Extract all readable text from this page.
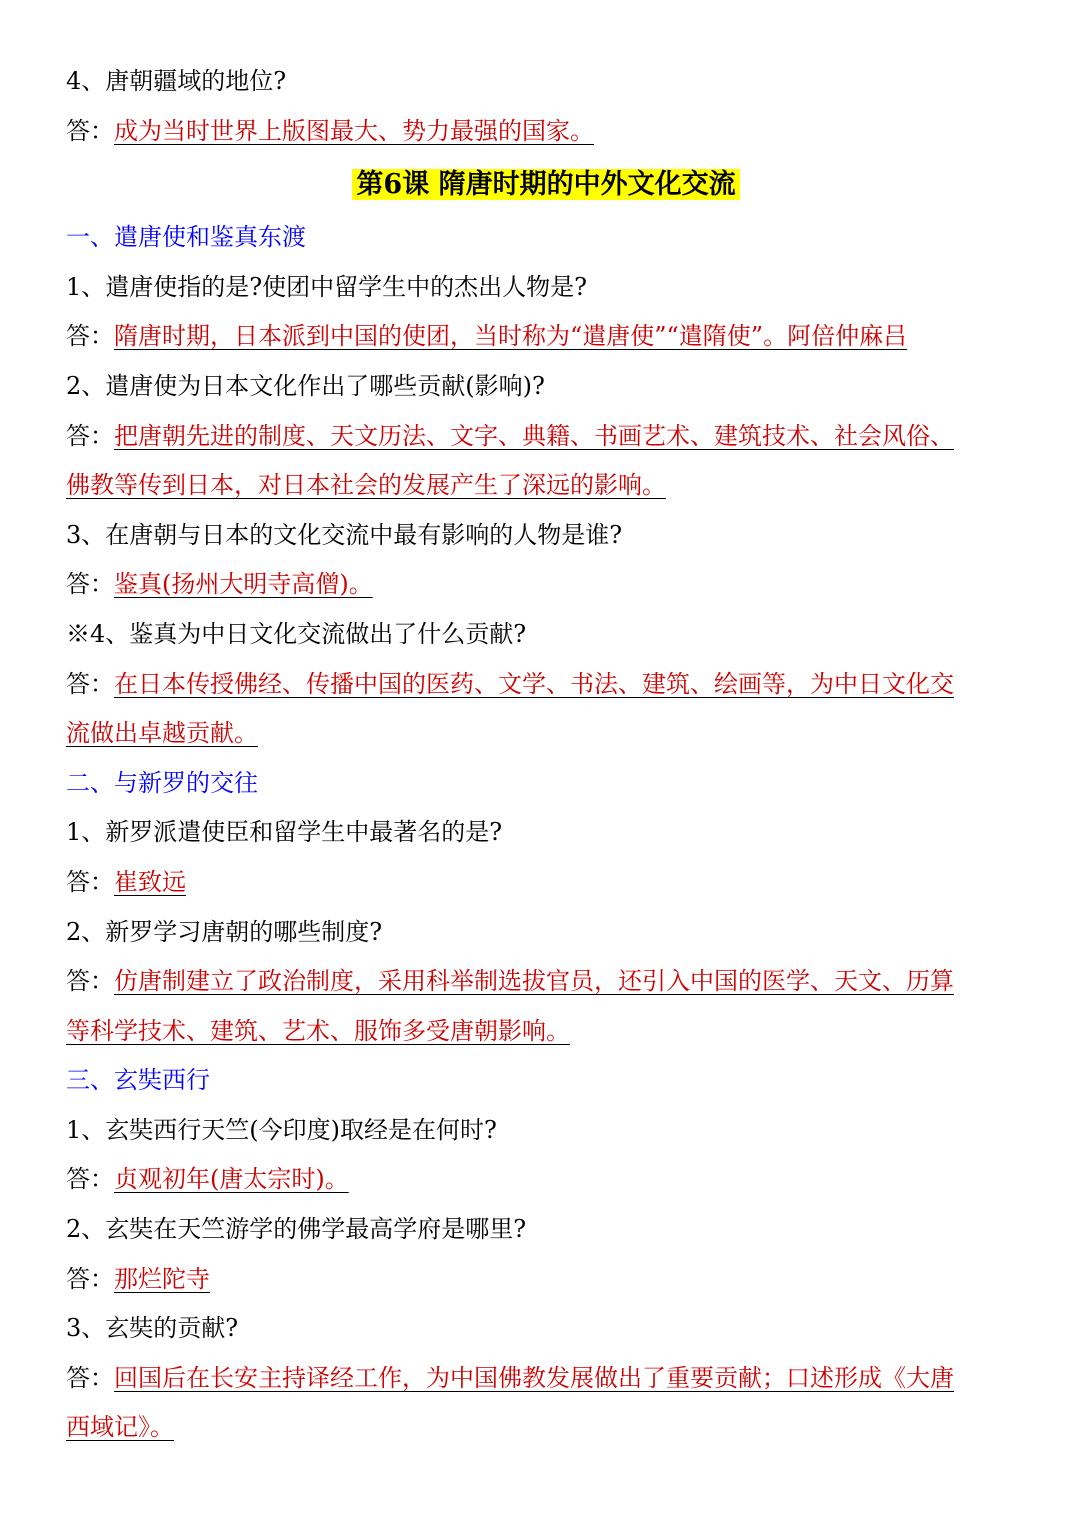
4、唐朝疆域的地位?
答：成为当时世界上版图最大、势力最强的国家。
第6课 隋唐时期的中外文化交流
一、遣唐使和鉴真东渡
1、遣唐使指的是?使团中留学生中的杰出人物是?
答：隋唐时期，日本派到中国的使团，当时称为“遣唐使”“遣隋使”。阿倍仲麻吕
2、遣唐使为日本文化作出了哪些贡献(影响)?
答：把唐朝先进的制度、天文历法、文字、典籍、书画艺术、建筑技术、社会风俗、
佛教等传到日本，对日本社会的发展产生了深远的影响。
3、在唐朝与日本的文化交流中最有影响的人物是谁?
答：鉴真(扬州大明寺高僧)。
※4、鉴真为中日文化交流做出了什么贡献?
答：在日本传授佛经、传播中国的医药、文学、书法、建筑、绘画等，为中日文化交
流做出卓越贡献。
二、与新罗的交往
1、新罗派遣使臣和留学生中最著名的是?
答：崔致远
2、新罗学习唐朝的哪些制度?
答：仿唐制建立了政治制度，采用科举制选拔官员，还引入中国的医学、天文、历算
等科学技术、建筑、艺术、服饰多受唐朝影响。
三、玄奘西行
1、玄奘西行天竺(今印度)取经是在何时?
答：贞观初年(唐太宗时)。
2、玄奘在天竺游学的佛学最高学府是哪里?
答：那烂陀寺
3、玄奘的贡献?
答：回国后在长安主持译经工作，为中国佛教发展做出了重要贡献；口述形成《大唐
西域记》。
